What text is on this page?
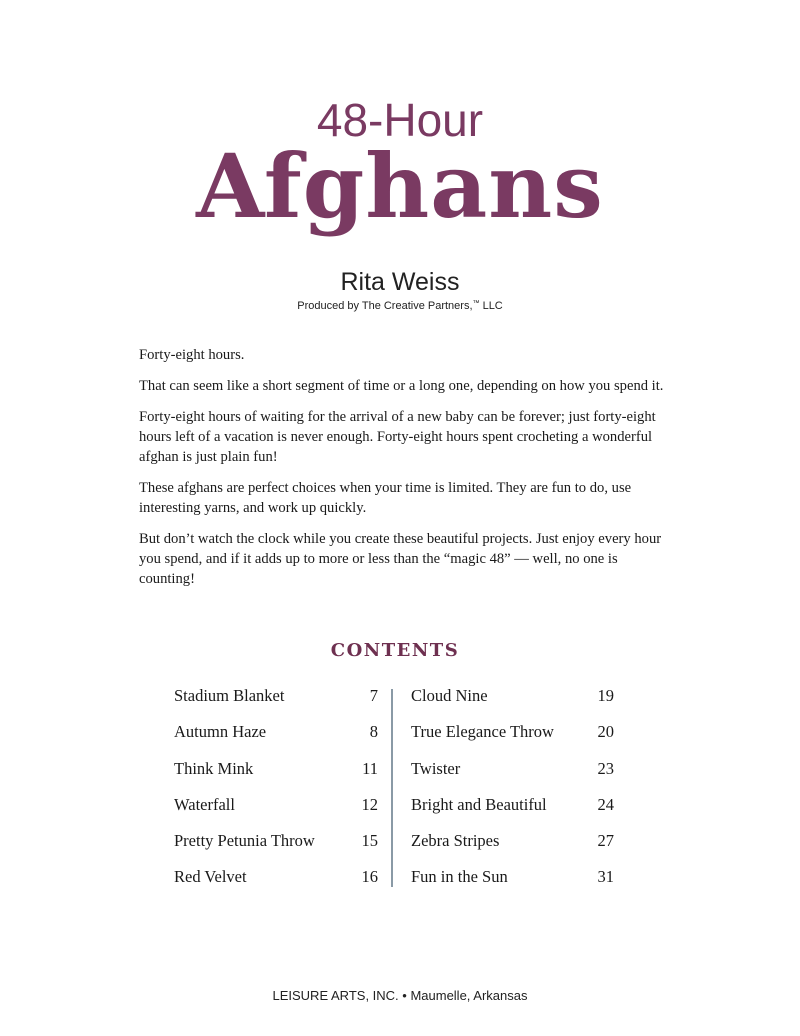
48-Hour
Afghans
Rita Weiss
Produced by The Creative Partners,™ LLC

Forty-eight hours.

That can seem like a short segment of time or a long one, depending on how you spend it.

Forty-eight hours of waiting for the arrival of a new baby can be forever; just forty-eight hours left of a vacation is never enough. Forty-eight hours spent crocheting a wonderful afghan is just plain fun!

These afghans are perfect choices when your time is limited. They are fun to do, use interesting yarns, and work up quickly.

But don’t watch the clock while you create these beautiful projects. Just enjoy every hour you spend, and if it adds up to more or less than the “magic 48” — well, no one is counting!

CONTENTS
Stadium Blanket	7
Autumn Haze	8
Think Mink	11
Waterfall	12
Pretty Petunia Throw	15
Red Velvet	16
Cloud Nine	19
True Elegance Throw	20
Twister	23
Bright and Beautiful	24
Zebra Stripes	27
Fun in the Sun	31
LEISURE ARTS, INC. • Maumelle, Arkansas
